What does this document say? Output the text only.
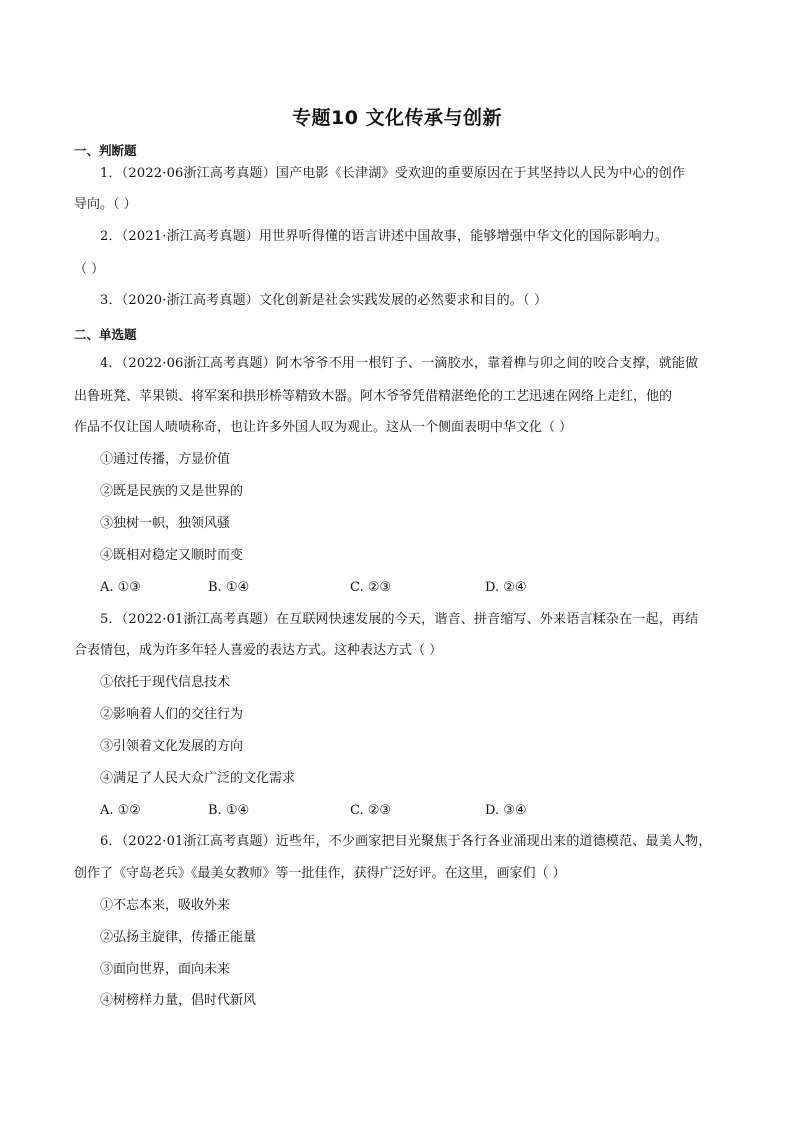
专题10 文化传承与创新
一、判断题
1．（2022·06浙江高考真题）国产电影《长津湖》受欢迎的重要原因在于其坚持以人民为中心的创作
导向。（ ）
2．（2021·浙江高考真题）用世界听得懂的语言讲述中国故事，能够增强中华文化的国际影响力。
（ ）
3．（2020·浙江高考真题）文化创新是社会实践发展的必然要求和目的。（ ）
二、单选题
4．（2022·06浙江高考真题）阿木爷爷不用一根钉子、一滴胶水，靠着榫与卯之间的咬合支撑，就能做
出鲁班凳、苹果锁、将军案和拱形桥等精致木器。阿木爷爷凭借精湛绝伦的工艺迅速在网络上走红，他的
作品不仅让国人啧啧称奇，也让许多外国人叹为观止。这从一个侧面表明中华文化（ ）
①通过传播，方显价值
②既是民族的又是世界的
③独树一帜，独领风骚
④既相对稳定又顺时而变
A. ①③	B. ①④	C. ②③	D. ②④
5．（2022·01浙江高考真题）在互联网快速发展的今天，谐音、拼音缩写、外来语言糅杂在一起，再结
合表情包，成为许多年轻人喜爱的表达方式。这种表达方式（ ）
①依托于现代信息技术
②影响着人们的交往行为
③引领着文化发展的方向
④满足了人民大众广泛的文化需求
A. ①②	B. ①④	C. ②③	D. ③④
6．（2022·01浙江高考真题）近些年，不少画家把目光聚焦于各行各业涌现出来的道德模范、最美人物，
创作了《守岛老兵》《最美女教师》等一批佳作，获得广泛好评。在这里，画家们（ ）
①不忘本来，吸收外来
②弘扬主旋律，传播正能量
③面向世界，面向未来
④树榜样力量，倡时代新风
